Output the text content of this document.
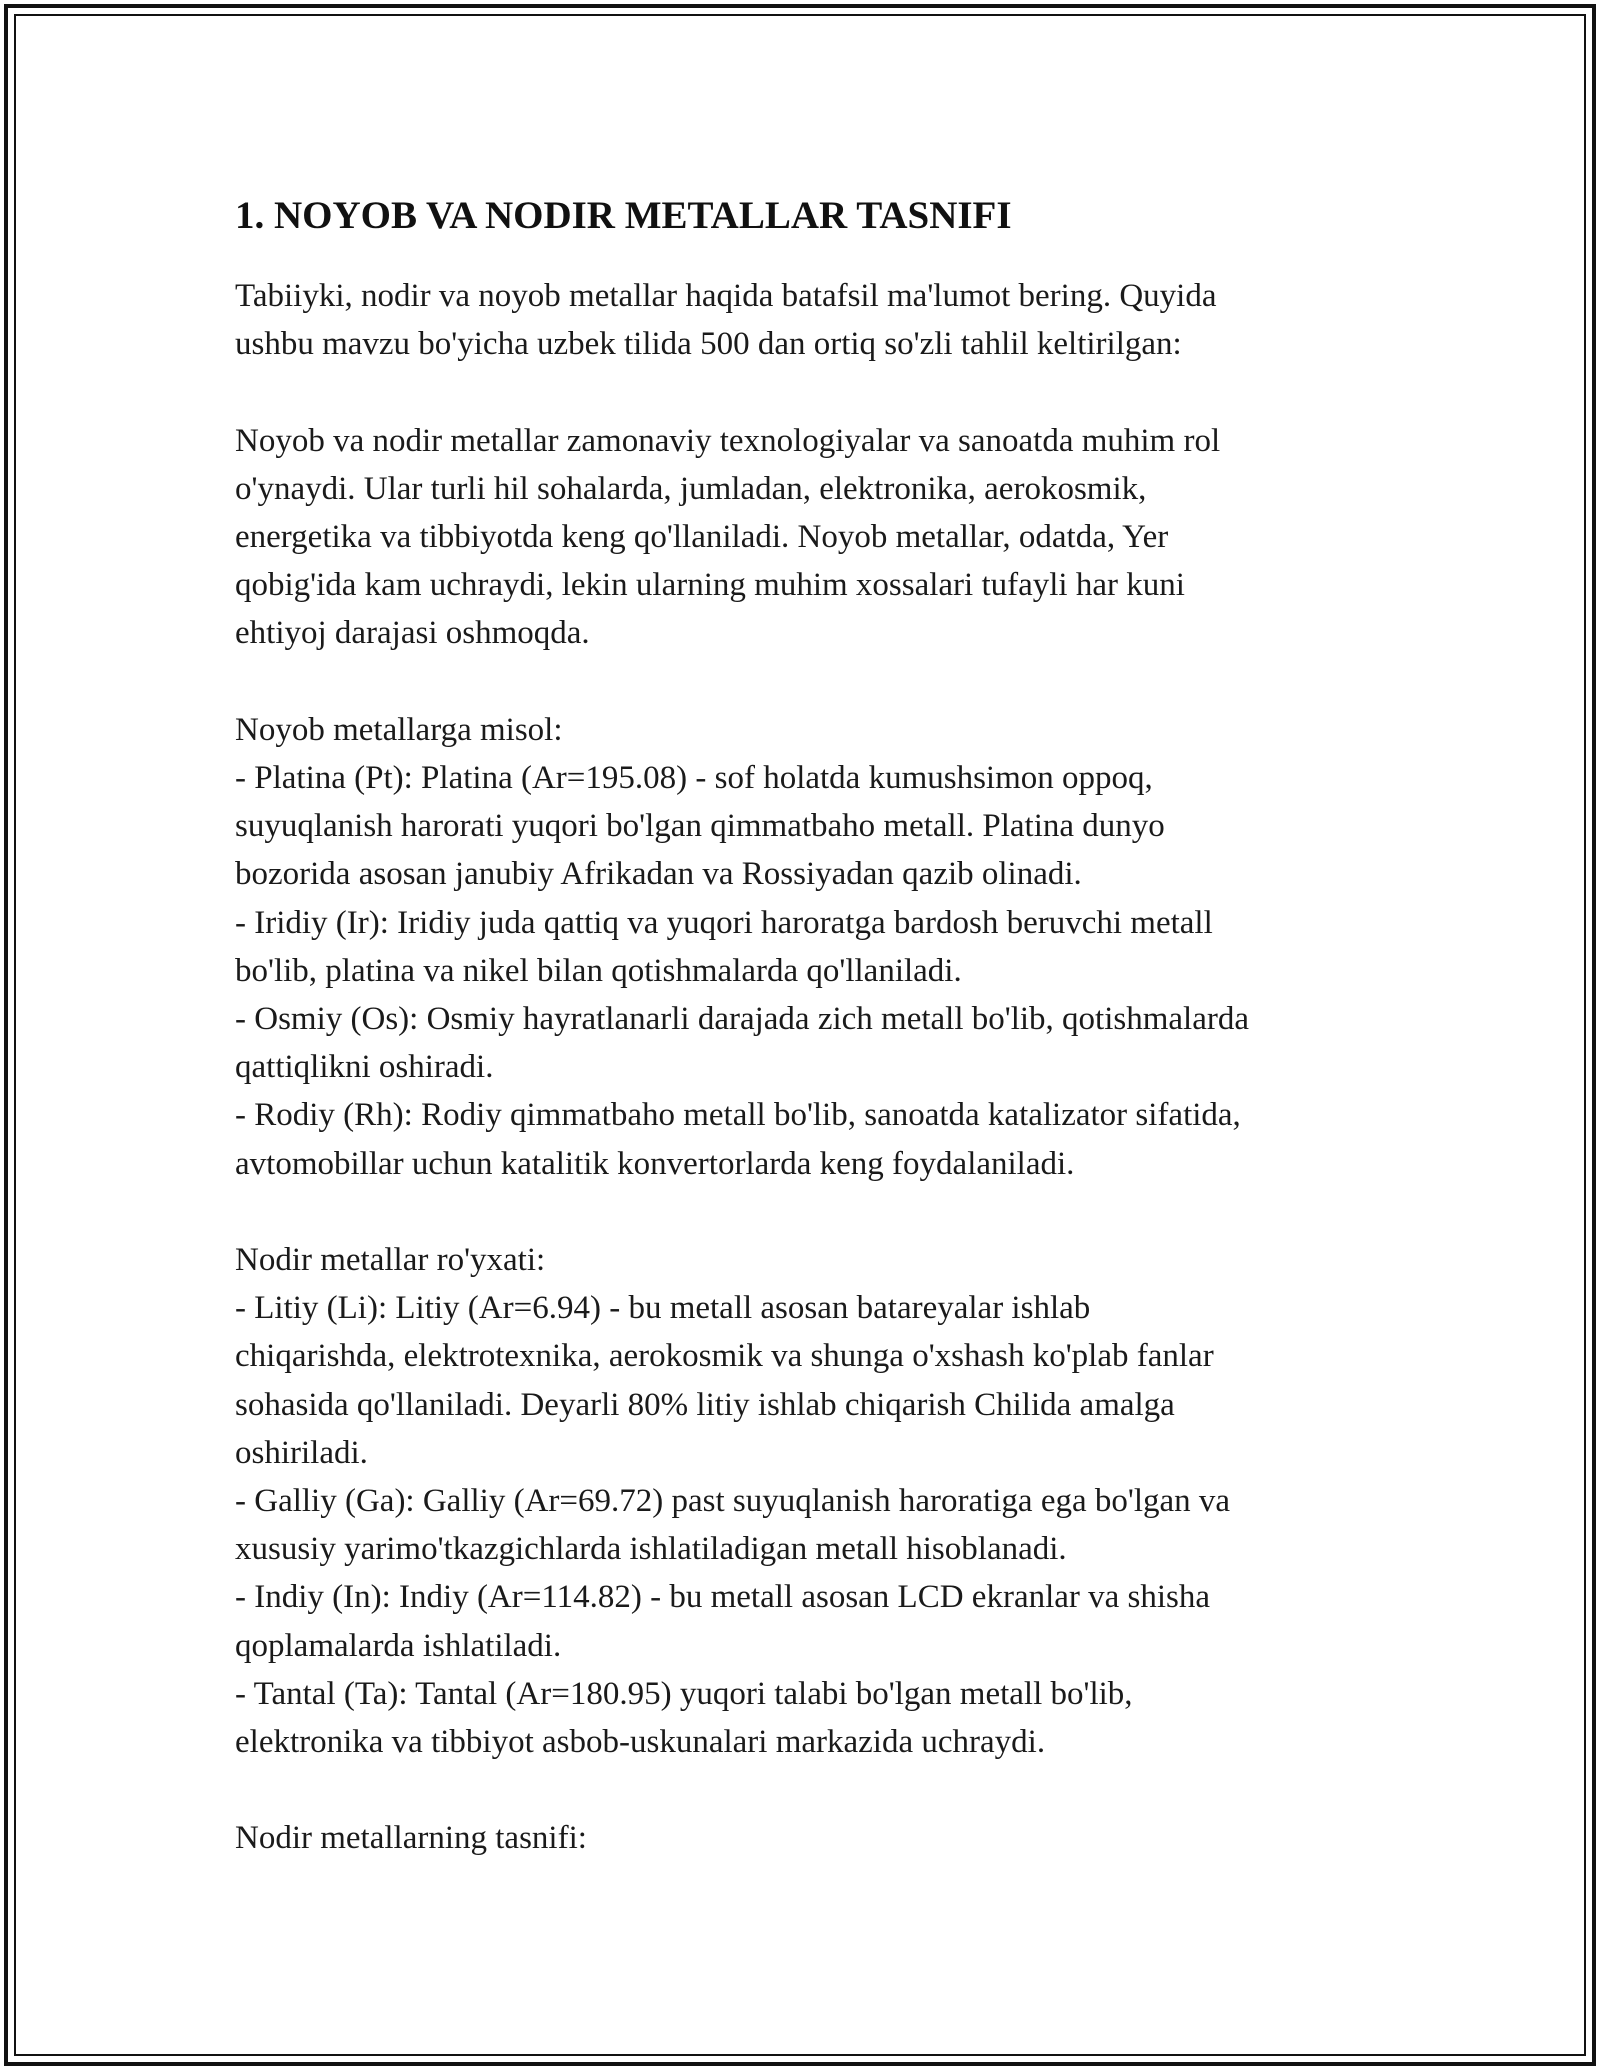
1. NOYOB VA NODIR METALLAR TASNIFI

Tabiiyki, nodir va noyob metallar haqida batafsil ma'lumot bering. Quyida
ushbu mavzu bo'yicha uzbek tilida 500 dan ortiq so'zli tahlil keltirilgan:

Noyob va nodir metallar zamonaviy texnologiyalar va sanoatda muhim rol
o'ynaydi. Ular turli hil sohalarda, jumladan, elektronika, aerokosmik,
energetika va tibbiyotda keng qo'llaniladi. Noyob metallar, odatda, Yer
qobig'ida kam uchraydi, lekin ularning muhim xossalari tufayli har kuni
ehtiyoj darajasi oshmoqda.

Noyob metallarga misol:
- Platina (Pt): Platina (Ar=195.08) - sof holatda kumushsimon oppoq,
suyuqlanish harorati yuqori bo'lgan qimmatbaho metall. Platina dunyo
bozorida asosan janubiy Afrikadan va Rossiyadan qazib olinadi.
- Iridiy (Ir): Iridiy juda qattiq va yuqori haroratga bardosh beruvchi metall
bo'lib, platina va nikel bilan qotishmalarda qo'llaniladi.
- Osmiy (Os): Osmiy hayratlanarli darajada zich metall bo'lib, qotishmalarda
qattiqlikni oshiradi.
- Rodiy (Rh): Rodiy qimmatbaho metall bo'lib, sanoatda katalizator sifatida,
avtomobillar uchun katalitik konvertorlarda keng foydalaniladi.

Nodir metallar ro'yxati:
- Litiy (Li): Litiy (Ar=6.94) - bu metall asosan batareyalar ishlab
chiqarishda, elektrotexnika, aerokosmik va shunga o'xshash ko'plab fanlar
sohasida qo'llaniladi. Deyarli 80% litiy ishlab chiqarish Chilida amalga
oshiriladi.
- Galliy (Ga): Galliy (Ar=69.72) past suyuqlanish haroratiga ega bo'lgan va
xususiy yarimo'tkazgichlarda ishlatiladigan metall hisoblanadi.
- Indiy (In): Indiy (Ar=114.82) - bu metall asosan LCD ekranlar va shisha
qoplamalarda ishlatiladi.
- Tantal (Ta): Tantal (Ar=180.95) yuqori talabi bo'lgan metall bo'lib,
elektronika va tibbiyot asbob-uskunalari markazida uchraydi.

Nodir metallarning tasnifi:
